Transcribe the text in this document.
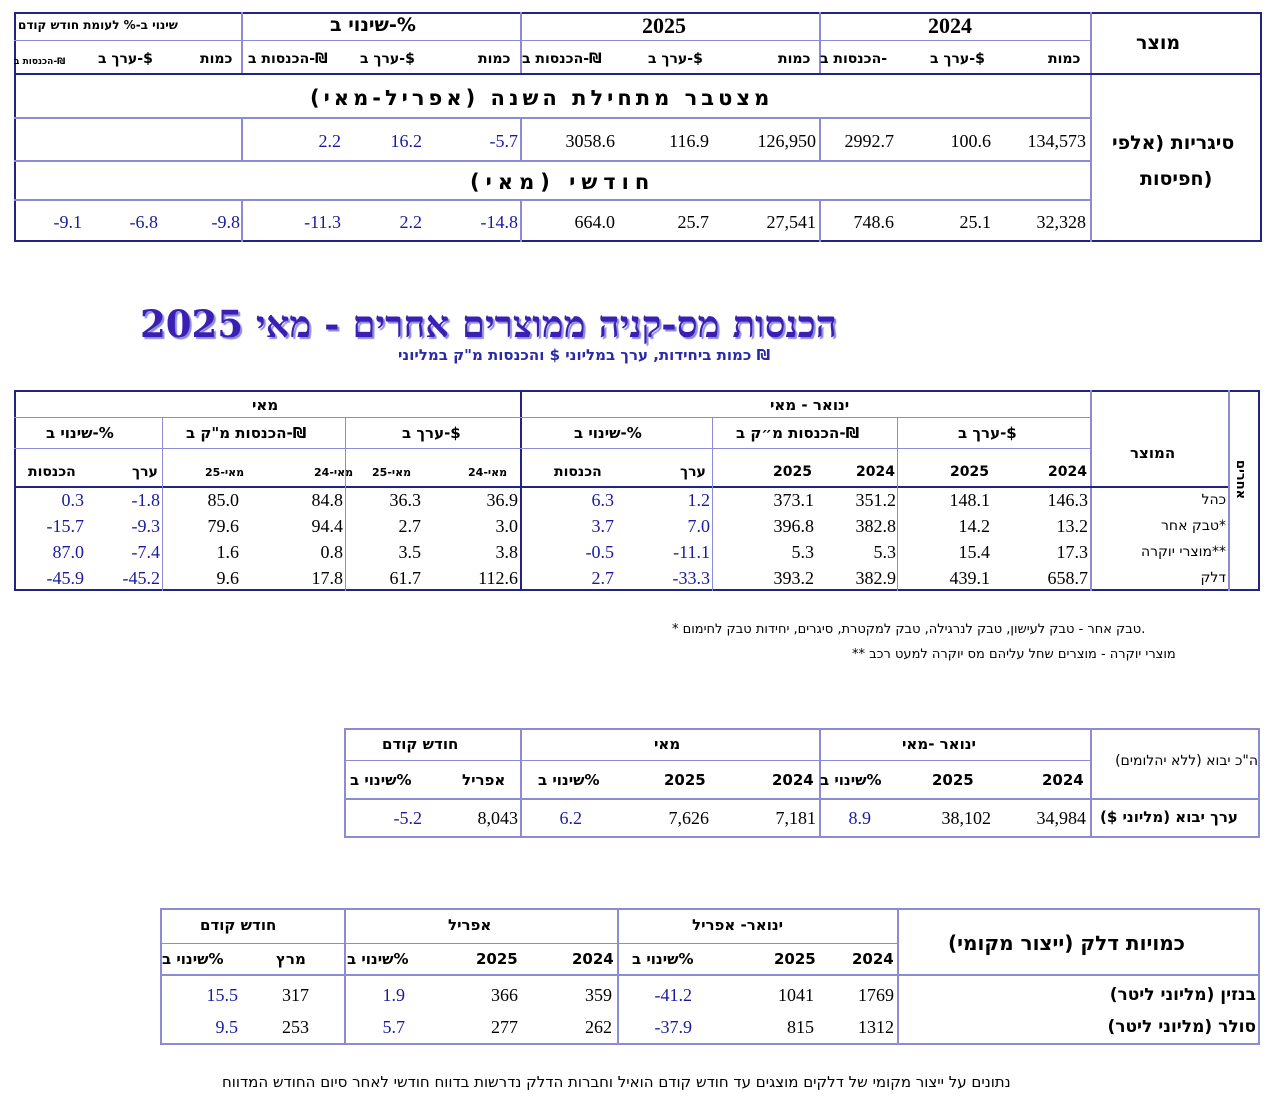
מוצר
סיגריות (אלפי
חפיסות)
2024
2025
שינוי ב-%
שינוי ב-% לעומת חודש קודם
כמות
ערך ב-$
הכנסות ב-
כמות
ערך ב-$
הכנסות ב-₪
כמות
ערך ב-$
הכנסות ב-₪
כמות
ערך ב-$
הכנסות ב-₪
מצטבר מתחילת השנה (אפריל-מאי)
חודשי (מאי)
134,573
100.6
2992.7
126,950
116.9
3058.6
-5.7
16.2
2.2
32,328
25.1
748.6
27,541
25.7
664.0
-14.8
2.2
-11.3
-9.8
-6.8
-9.1
הכנסות מס-קניה ממוצרים אחרים - מאי 2025
כמות ביחידות, ערך במליוני $ והכנסות מ"ק במליוני ₪
ינואר - מאי
מאי
המוצר
אחרים
ערך ב-$
הכנסות מ״ק ב-₪
שינוי ב-%
ערך ב-$
הכנסות מ"ק ב-₪
שינוי ב-%
2024
2025
2024
2025
ערך
הכנסות
מאי-24
מאי-25
מאי-24
מאי-25
ערך
הכנסות
כהל
146.3
148.1
351.2
373.1
1.2
6.3
36.9
36.3
84.8
85.0
-1.8
0.3
טבק אחר*
13.2
14.2
382.8
396.8
7.0
3.7
3.0
2.7
94.4
79.6
-9.3
-15.7
מוצרי יוקרה**
17.3
15.4
5.3
5.3
-11.1
-0.5
3.8
3.5
0.8
1.6
-7.4
87.0
דלק
658.7
439.1
382.9
393.2
-33.3
2.7
112.6
61.7
17.8
9.6
-45.2
-45.9
* טבק אחר - טבק לעישון, טבק לנרגילה, טבק למקטרת, סיגרים, יחידות טבק לחימום.
** מוצרי יוקרה - מוצרים שחל עליהם מס יוקרה למעט רכב
ינואר -מאי
מאי
חודש קודם
ה"כ יבוא (ללא יהלומים)
2024
2025
שינוי ב%
2024
2025
שינוי ב%
אפריל
שינוי ב%
ערך יבוא (מליוני $)
34,984
38,102
8.9
7,181
7,626
6.2
8,043
-5.2
כמויות דלק (ייצור מקומי)
ינואר- אפריל
אפריל
חודש קודם
2024
2025
שינוי ב%
2024
2025
שינוי ב%
מרץ
שינוי ב%
בנזין (מליוני ליטר)
1769
1041
-41.2
359
366
1.9
317
15.5
סולר (מליוני ליטר)
1312
815
-37.9
262
277
5.7
253
9.5
נתונים על ייצור מקומי של דלקים מוצגים עד חודש קודם הואיל וחברות הדלק נדרשות בדווח חודשי לאחר סיום החודש המדווח
